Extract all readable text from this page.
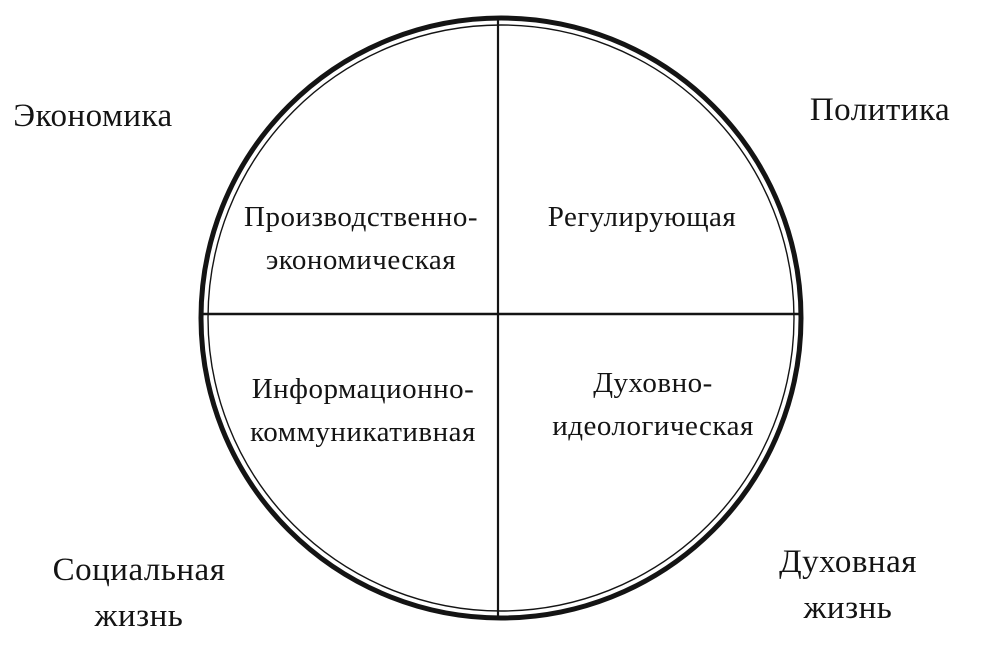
Производственно-
экономическая
Регулирующая
Информационно-
коммуникативная
Духовно-
идеологическая
Экономика	Политика
Социальная
жизнь
Духовная
жизнь
